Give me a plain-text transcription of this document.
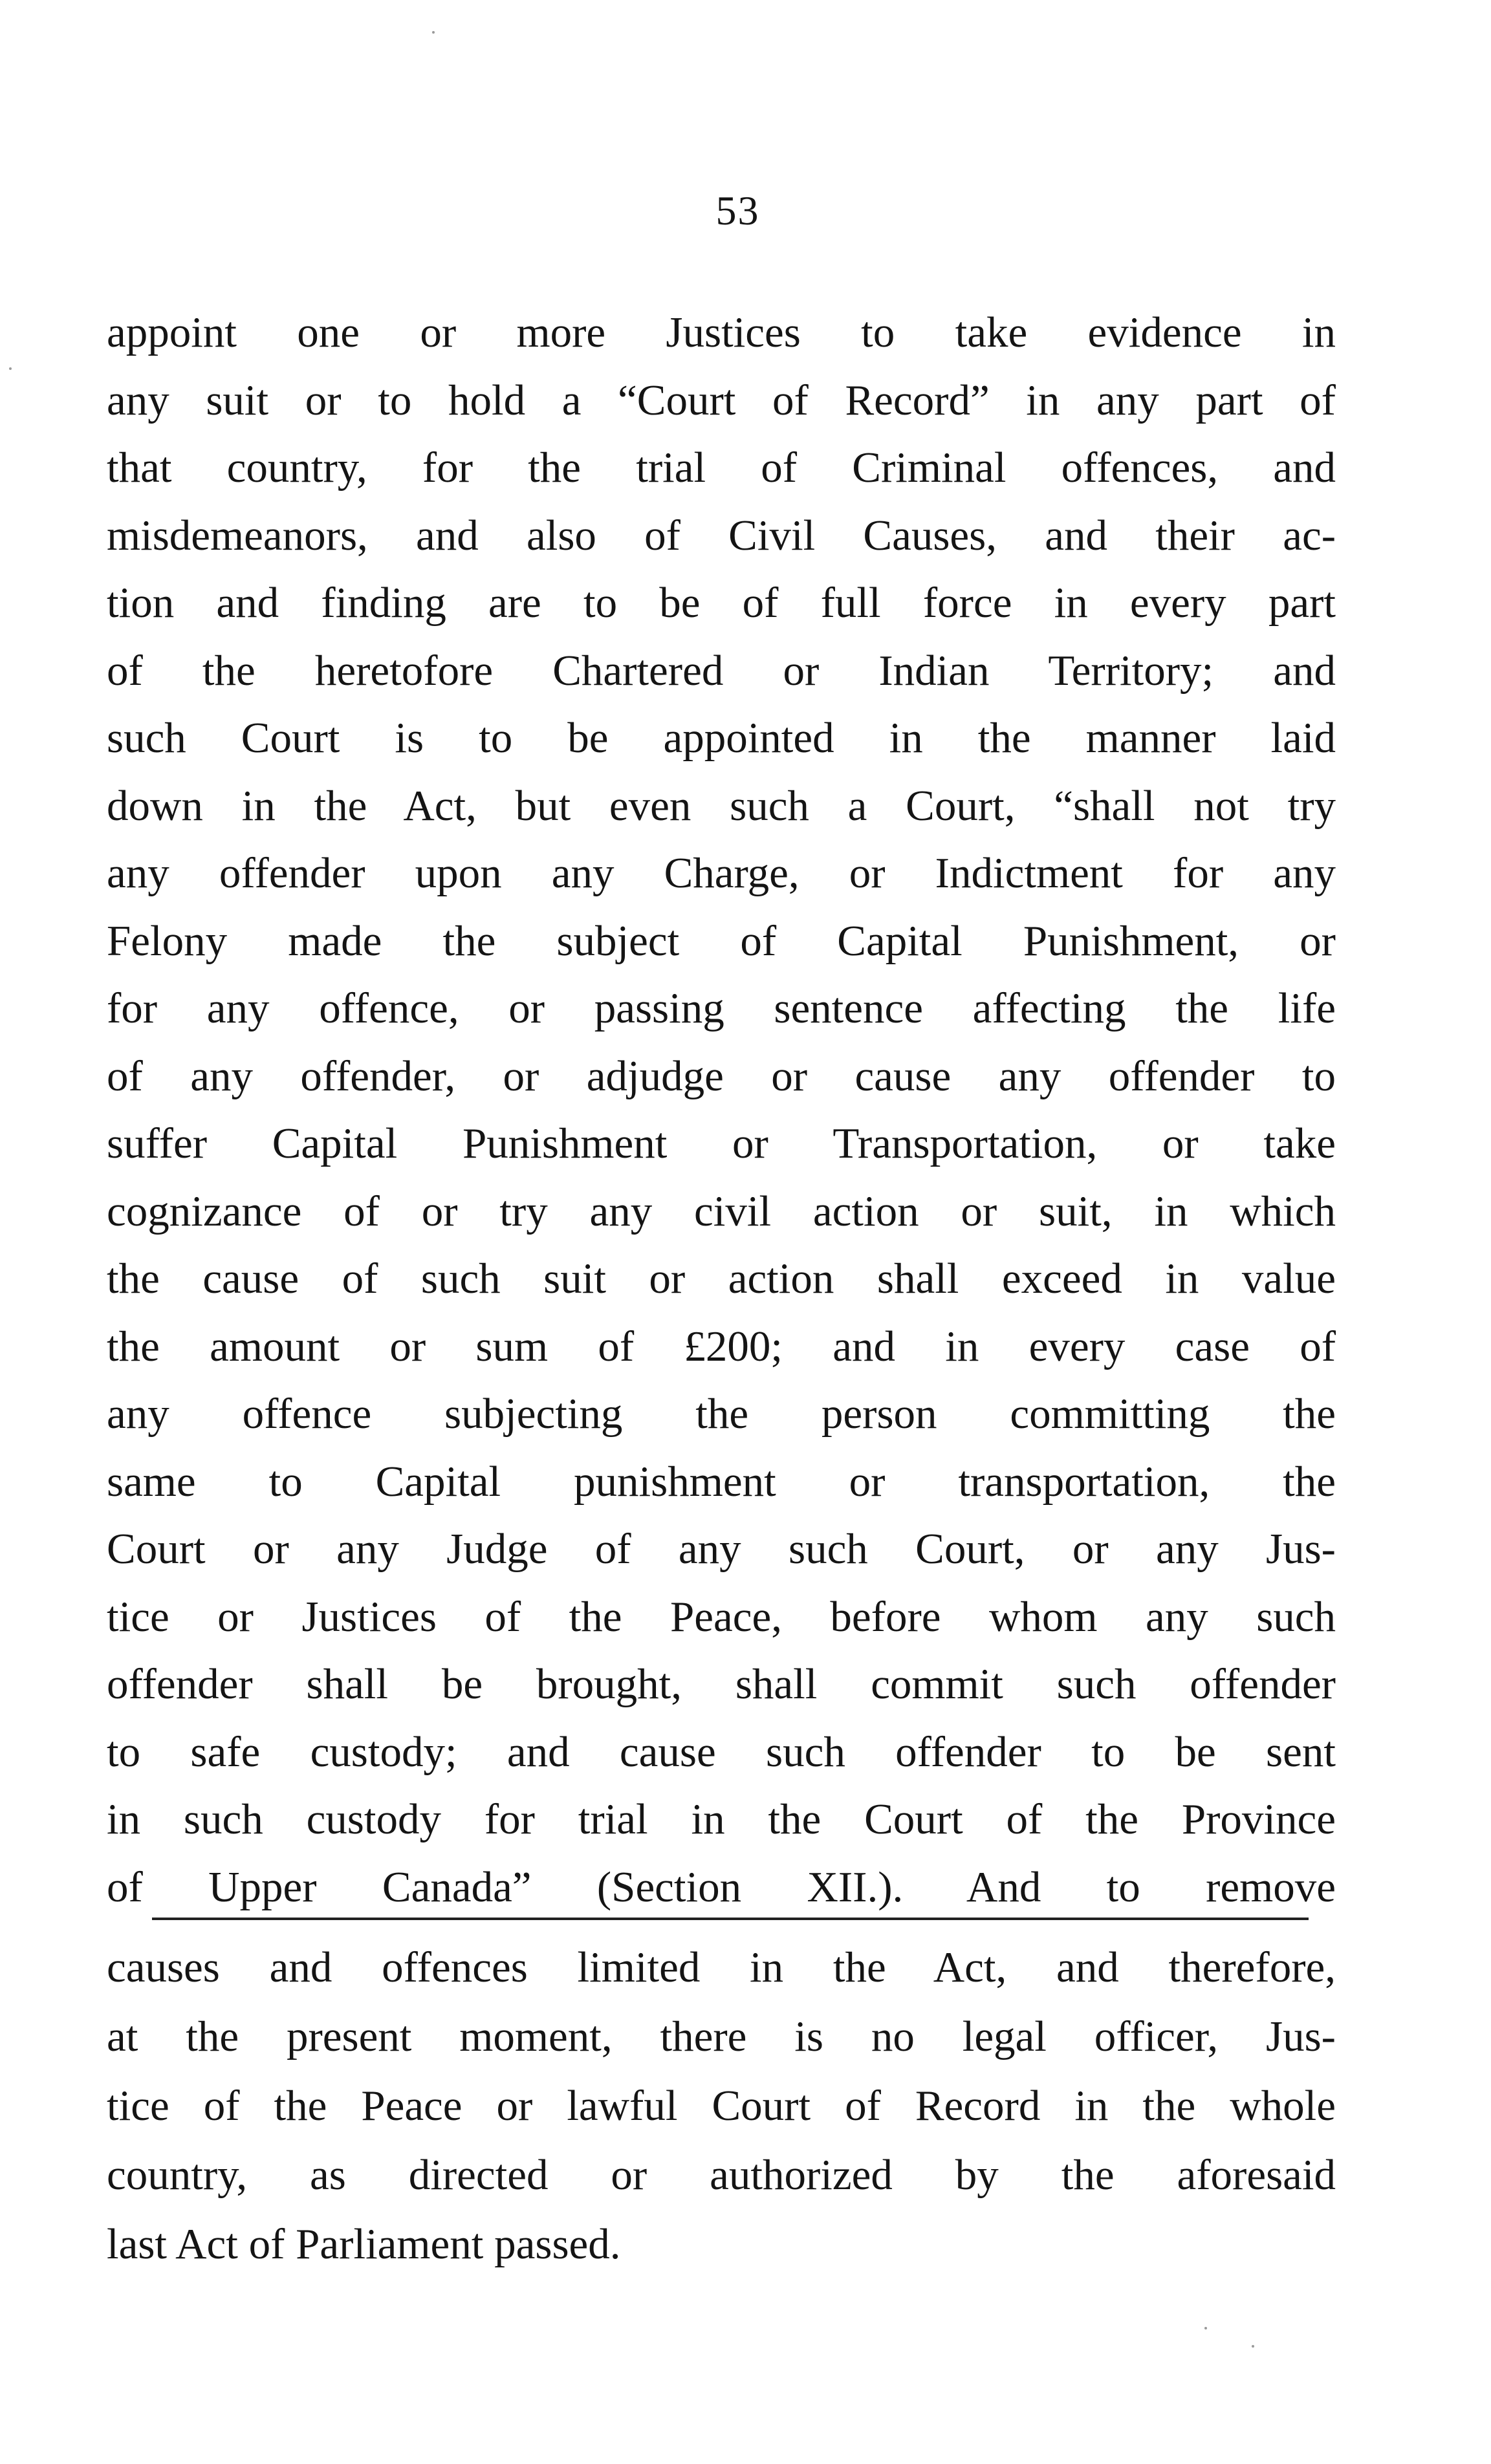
53
appoint one or more Justices to take evidence in
any suit or to hold a “Court of Record” in any part of
that country, for the trial of Criminal offences, and
misdemeanors, and also of Civil Causes, and their ac-
tion and finding are to be of full force in every part
of the heretofore Chartered or Indian Territory; and
such Court is to be appointed in the manner laid
down in the Act, but even such a Court, “shall not try
any offender upon any Charge, or Indictment for any
Felony made the subject of Capital Punishment, or
for any offence, or passing sentence affecting the life
of any offender, or adjudge or cause any offender to
suffer Capital Punishment or Transportation, or take
cognizance of or try any civil action or suit, in which
the cause of such suit or action shall exceed in value
the amount or sum of £200; and in every case of
any offence subjecting the person committing the
same to Capital punishment or transportation, the
Court or any Judge of any such Court, or any Jus-
tice or Justices of the Peace, before whom any such
offender shall be brought, shall commit such offender
to safe custody; and cause such offender to be sent
in such custody for trial in the Court of the Province
of Upper Canada” (Section XII.). And to remove
causes and offences limited in the Act, and therefore,
at the present moment, there is no legal officer, Jus-
tice of the Peace or lawful Court of Record in the whole
country, as directed or authorized by the aforesaid
last Act of Parliament passed.
